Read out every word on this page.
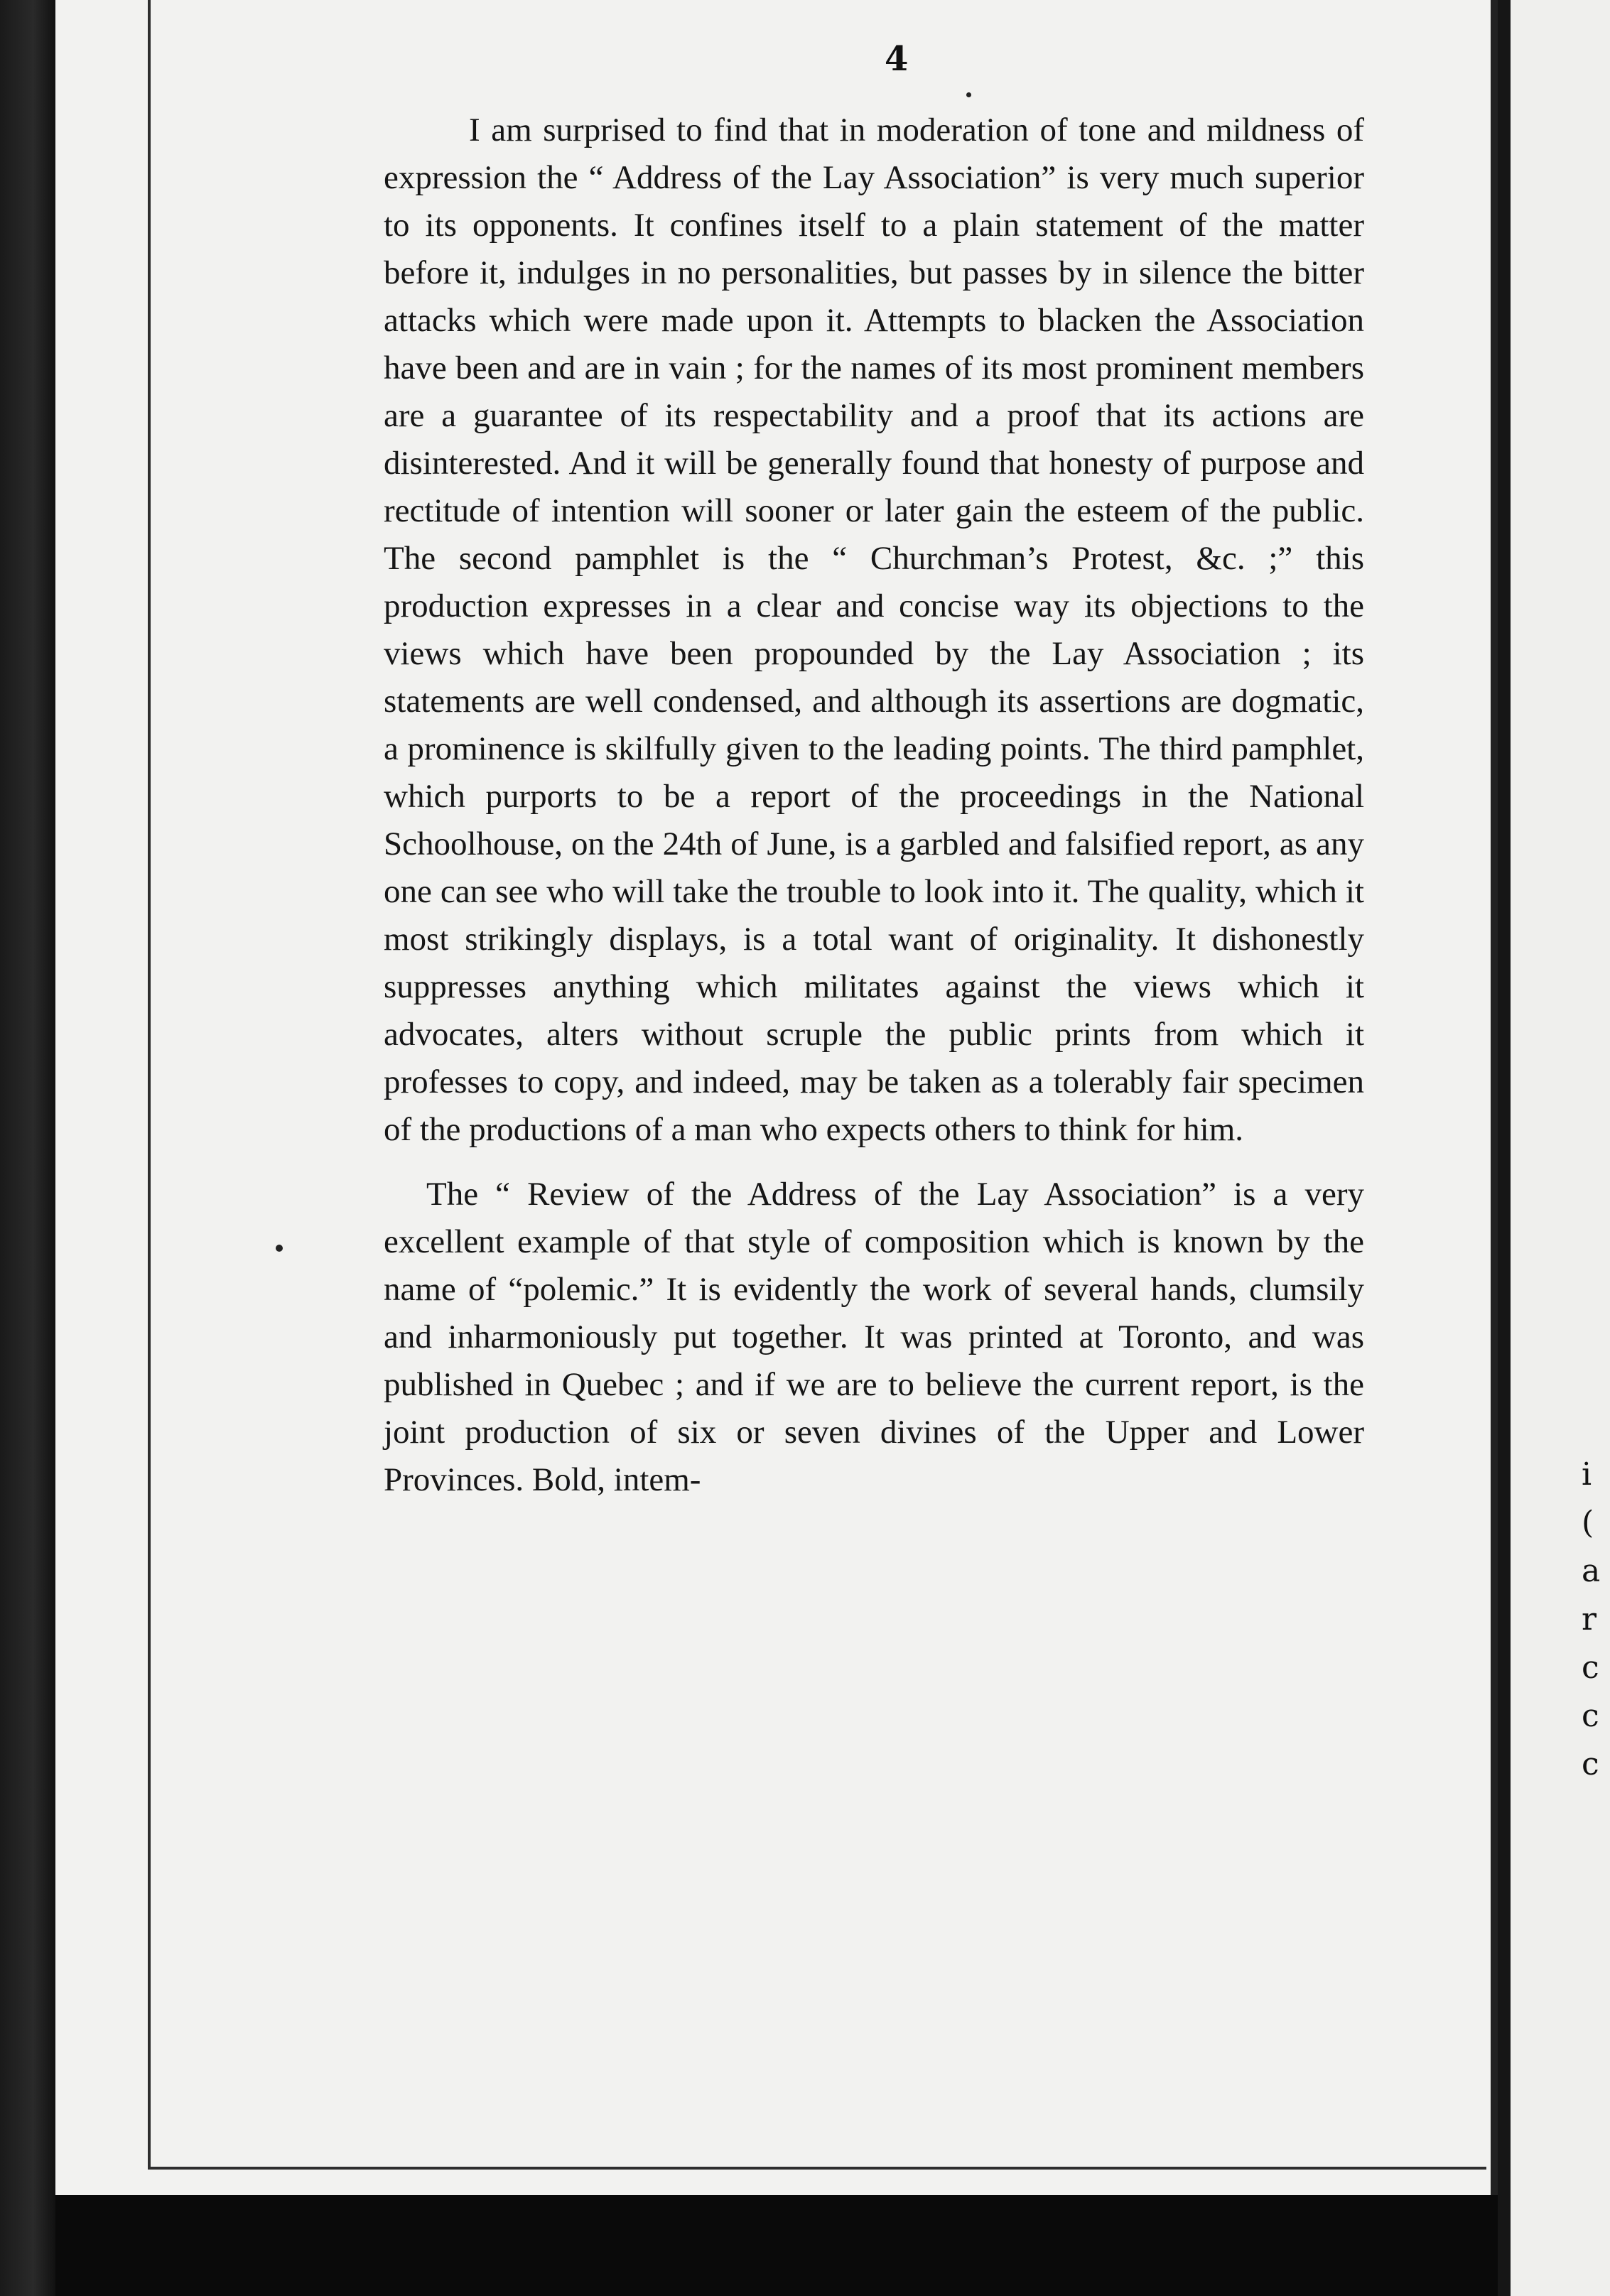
4

I am surprised to find that in moderation of tone and mildness of expression the “ Address of the Lay Association” is very much superior to its opponents. It confines itself to a plain statement of the matter before it, indulges in no personalities, but passes by in silence the bitter attacks which were made upon it. Attempts to blacken the Association have been and are in vain ; for the names of its most prominent members are a guarantee of its respectability and a proof that its actions are disinterested. And it will be generally found that honesty of purpose and rectitude of intention will sooner or later gain the esteem of the public. The second pamphlet is the “ Churchman’s Protest, &c. ;” this production expresses in a clear and concise way its objections to the views which have been propounded by the Lay Association ; its statements are well condensed, and although its assertions are dogmatic, a prominence is skilfully given to the leading points. The third pamphlet, which purports to be a report of the proceedings in the National Schoolhouse, on the 24th of June, is a garbled and falsified report, as any one can see who will take the trouble to look into it. The quality, which it most strikingly displays, is a total want of originality. It dishonestly suppresses anything which militates against the views which it advocates, alters without scruple the public prints from which it professes to copy, and indeed, may be taken as a tolerably fair specimen of the productions of a man who expects others to think for him.

The “ Review of the Address of the Lay Association” is a very excellent example of that style of composition which is known by the name of “polemic.” It is evidently the work of several hands, clumsily and inharmoniously put together. It was printed at Toronto, and was published in Quebec ; and if we are to believe the current report, is the joint production of six or seven divines of the Upper and Lower Provinces. Bold, intem-	i
(
a
r
c
c
c
